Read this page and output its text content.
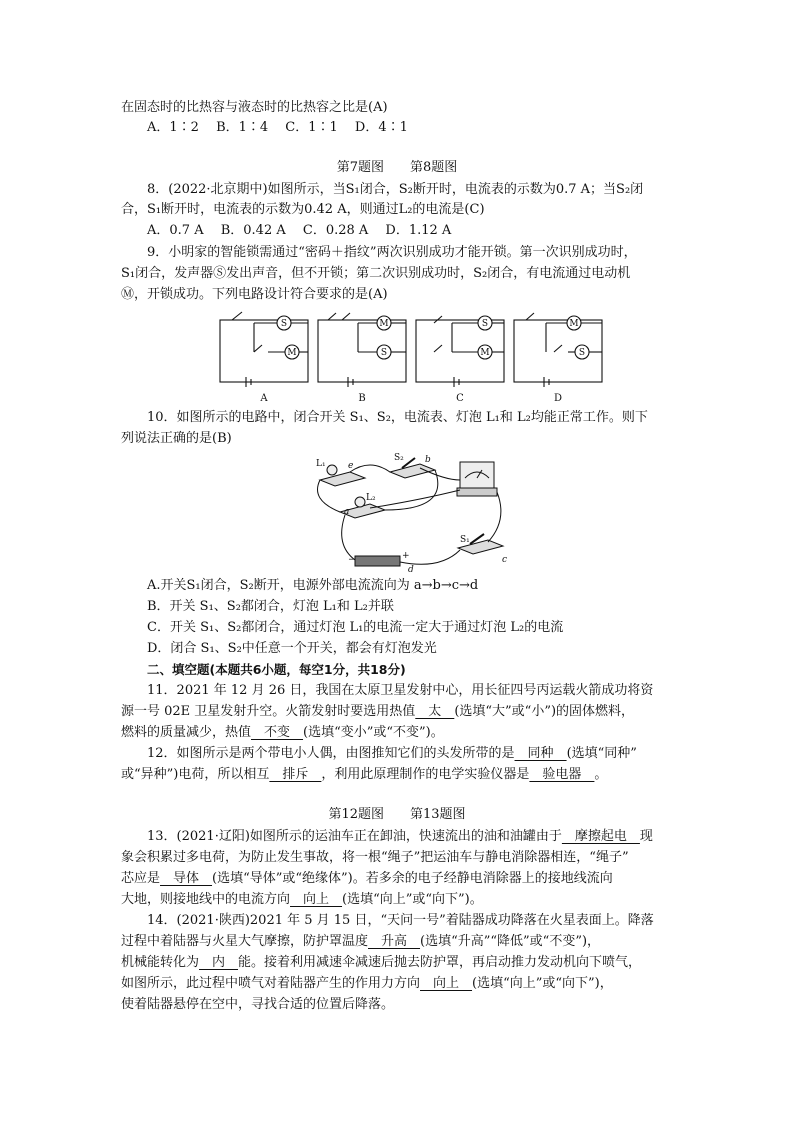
在固态时的比热容与液态时的比热容之比是(A)
A．1∶2　 B．1∶4　 C．1∶1　 D．4∶1
第7题图　　第8题图
8．(2022·北京期中)如图所示，当S₁闭合，S₂断开时，电流表的示数为0.7 A；当S₂闭
合，S₁断开时，电流表的示数为0.42 A，则通过L₂的电流是(C)
A．0.7 A　 B．0.42 A　 C．0.28 A　 D．1.12 A
9．小明家的智能锁需通过“密码＋指纹”两次识别成功才能开锁。第一次识别成功时，
S₁闭合，发声器Ⓢ发出声音，但不开锁；第二次识别成功时，S₂闭合，有电流通过电动机
Ⓜ，开锁成功。下列电路设计符合要求的是(A)
S
M
M
S
S
M
M
S
A	B	C	D
10．如图所示的电路中，闭合开关 S₁、S₂，电流表、灯泡 L₁和 L₂均能正常工作。则下
列说法正确的是(B)
L₁ e
S₂ b
a
L₂
S₁
c
d
−	+
A.开关S₁闭合，S₂断开，电源外部电流流向为 a→b→c→d
B．开关 S₁、S₂都闭合，灯泡 L₁和 L₂并联
C．开关 S₁、S₂都闭合，通过灯泡 L₁的电流一定大于通过灯泡 L₂的电流
D．闭合 S₁、S₂中任意一个开关，都会有灯泡发光
二、填空题(本题共6小题，每空1分，共18分)
11．2021 年 12 月 26 日，我国在太原卫星发射中心，用长征四号丙运载火箭成功将资
源一号 02E 卫星发射升空。火箭发射时要选用热值　太　(选填“大”或“小”)的固体燃料，
燃料的质量减少，热值　不变　(选填“变小”或“不变”)。
12．如图所示是两个带电小人偶，由图推知它们的头发所带的是　同种　(选填“同种”
或“异种”)电荷，所以相互　排斥　，利用此原理制作的电学实验仪器是　验电器　。
第12题图　　第13题图
13．(2021·辽阳)如图所示的运油车正在卸油，快速流出的油和油罐由于　摩擦起电　现
象会积累过多电荷，为防止发生事故，将一根“绳子”把运油车与静电消除器相连，“绳子”
芯应是　导体　(选填“导体”或“绝缘体”)。若多余的电子经静电消除器上的接地线流向
大地，则接地线中的电流方向　向上　(选填“向上”或“向下”)。
14．(2021·陕西)2021 年 5 月 15 日，“天问一号”着陆器成功降落在火星表面上。降落
过程中着陆器与火星大气摩擦，防护罩温度　升高　(选填“升高”“降低”或“不变”)，
机械能转化为　内　能。接着利用减速伞减速后抛去防护罩，再启动推力发动机向下喷气，
如图所示，此过程中喷气对着陆器产生的作用力方向　向上　(选填“向上”或“向下”)，
使着陆器悬停在空中，寻找合适的位置后降落。
